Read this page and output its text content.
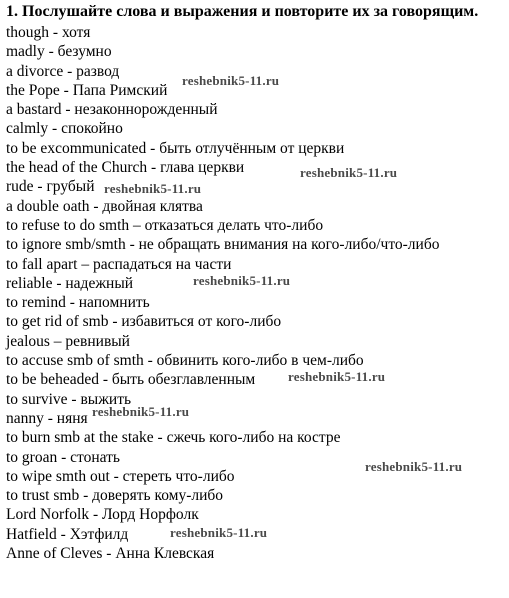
1. Послушайте слова и выражения и повторите их за говорящим.
though - хотя
madly - безумно
a divorce - развод
the Pope - Папа Римский
a bastard - незаконнорожденный
calmly - спокойно
to be excommunicated - быть отлучённым от церкви
the head of the Church - глава церкви
rude - грубый
a double oath - двойная клятва
to refuse to do smth – отказаться делать что-либо
to ignore smb/smth - не обращать внимания на кого-либо/что-либо
to fall apart – распадаться на части
reliable - надежный
to remind - напомнить
to get rid of smb - избавиться от кого-либо
jealous – ревнивый
to accuse smb of smth - обвинить кого-либо в чем-либо
to be beheaded - быть обезглавленным
to survive - выжить
nanny - няня
to burn smb at the stake - сжечь кого-либо на костре
to groan - стонать
to wipe smth out - стереть что-либо
to trust smb - доверять кому-либо
Lord Norfolk - Лорд Норфолк
Hatfield - Хэтфилд
Anne of Cleves - Анна Клевская
reshebnik5-11.ru
reshebnik5-11.ru
reshebnik5-11.ru
reshebnik5-11.ru
reshebnik5-11.ru
reshebnik5-11.ru
reshebnik5-11.ru
reshebnik5-11.ru
